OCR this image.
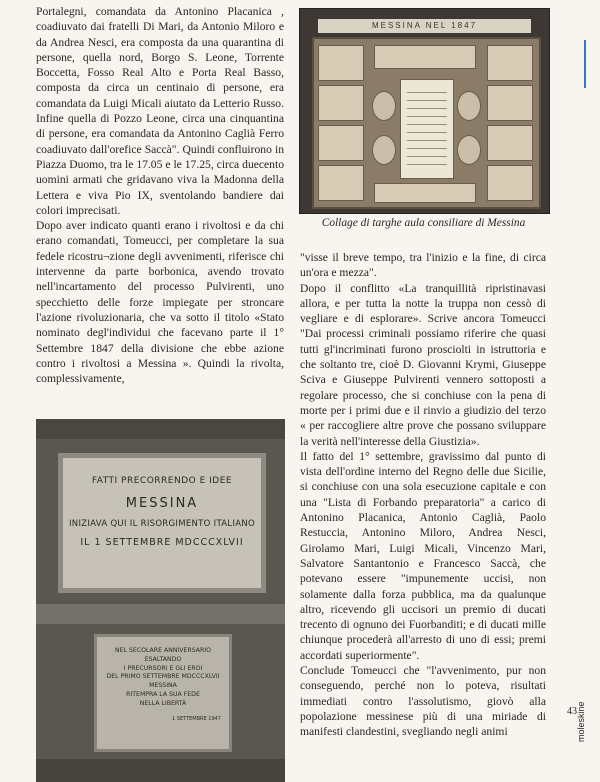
Portalegni, comandata da Antonino Placanica , coadiuvato dai fratelli Di Mari, da Antonio Miloro e da Andrea Nesci, era composta da una quarantina di persone, quella nord, Borgo S. Leone, Torrente Boccetta, Fosso Real Alto e Porta Real Basso, composta da circa un centinaio di persone, era comandata da Luigi Micali aiutato da Letterio Russo. Infine quella di Pozzo Leone, circa una cinquantina di persone, era comandata da Antonino Caglià Ferro coadiuvato dall'orefice Saccà". Quindi confluirono in Piazza Duomo, tra le 17.05 e le 17.25, circa duecento uomini armati che gridavano viva la Madonna della Lettera e viva Pio IX, sventolando bandiere dai colori imprecisati.

Dopo aver indicato quanti erano i rivoltosi e da chi erano comandati, Tomeucci, per completare la sua fedele ricostru¬zione degli avvenimenti, riferisce chi intervenne da parte borbonica, avendo trovato nell'incartamento del processo Pulvirenti, uno specchietto delle forze impiegate per stroncare l'azione rivoluzionaria, che va sotto il titolo «Stato nominato degl'individui che facevano parte il 1° Settembre 1847 della divisione che ebbe azione contro i rivoltosi a Messina ». Quindi la rivolta, complessivamente,

MESSINA NEL 1847
Collage di targhe aula consiliare di Messina

"visse il breve tempo, tra l'inizio e la fine, di circa un'ora e mezza".

Dopo il conflitto «La tranquillità ripristinavasi allora, e per tutta la notte la truppa non cessò di vegliare e di esplorare». Scrive ancora Tomeucci "Dai processi criminali possiamo riferire che quasi tutti gl'incriminati furono prosciolti in istruttoria e che soltanto tre, cioè D. Giovanni Krymi, Giuseppe Sciva e Giuseppe Pulvirenti vennero sottoposti a regolare processo, che si conchiuse con la pena di morte per i primi due e il rinvio a giudizio del terzo « per raccogliere altre prove che possano sviluppare la verità nell'interesse della Giustizia».

Il fatto del 1° settembre, gravissimo dal punto di vista dell'ordine interno del Regno delle due Sicilie, si conchiuse con una sola esecuzione capitale e con una "Lista di Forbando preparatoria" a carico di Antonino Placanica, Antonio Caglià, Paolo Restuccia, Antonino Miloro, Andrea Nesci, Girolamo Mari, Luigi Micali, Vincenzo Mari, Salvatore Santantonio e Francesco Saccà, che potevano essere "impunemente uccisi, non solamente dalla forza pubblica, ma da qualunque altro, ricevendo gli uccisori un premio di ducati trecento di ognuno dei Fuorbanditi; e di ducati mille chiunque procederà all'arresto di uno di essi; premi accordati superiormente".

Conclude Tomeucci che "l'avvenimento, pur non conseguendo, perché non lo poteva, risultati immediati contro l'assolutismo, giovò alla popolazione messinese più di una miriade di manifesti clandestini, svegliando negli animi

FATTI PRECORRENDO E IDEE
MESSINA
INIZIAVA QUI IL RISORGIMENTO ITALIANO
IL 1 SETTEMBRE MDCCCXLVII
NEL SECOLARE ANNIVERSARIO
ESALTANDO
I PRECURSORI E GLI EROI
DEL PRIMO SETTEMBRE MDCCCXLVII
MESSINA
RITEMPRA LA SUA FEDE
NELLA LIBERTÀ
1 SETTEMBRE 1947
43 moleskine
